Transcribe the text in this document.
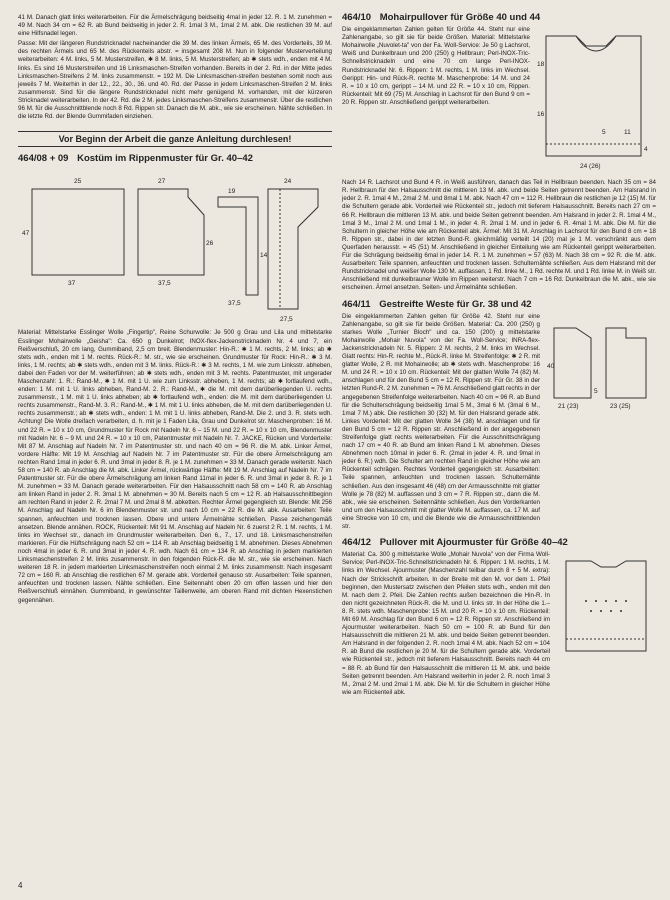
41 M. Danach glatt links weiterarbeiten. Für die Ärmelschrägung beidseitig 4mal in jeder 12. R. 1 M. zunehmen = 49 M. Nach 34 cm = 62 R. ab Bund beidseitig in jeder 2. R. 1mal 3 M., 1mal 2 M. abk. Die restlichen 39 M. auf eine Hilfsnadel legen.

Passe: Mit der längeren Rundstricknadel nacheinander die 39 M. des linken Ärmels, 65 M. des Vorderteils, 39 M. des rechten Ärmels und 65 M. des Rückenteils abstr. = insgesamt 208 M. Nun in folgender Musterverteilung weiterarbeiten: 4 M. links, 5 M. Musterstreifen, ✱ 8 M. links, 5 M. Musterstreifen; ab ✱ stets wdh., enden mit 4 M. links. Es sind 16 Musterstreifen und 16 Linksmaschen-Streifen vorhanden. Bereits in der 2. Rd. in der Mitte jedes Linksmaschen-Streifens 2 M. links zusammenstr. = 192 M. Die Linksmaschen-streifen bestehen somit noch aus jeweils 7 M. Weiterhin in der 12., 22., 30., 36. und 40. Rd. der Passe in jedem Linksmaschen-Streifen 2 M. links zusammenstr. Sind für die längere Rundstricknadel nicht mehr genügend M. vorhanden, mit der kürzeren Stricknadel weiterarbeiten. In der 42. Rd. die 2 M. jedes Linksmaschen-Streifens zusammenstr. Über die restlichen 96 M. für die Ausschnittblende noch 8 Rd. Rippen str. Danach die M. abk., wie sie erscheinen. Nähte schließen. In die letzte Rd. der Blende Gummifaden einziehen.

Vor Beginn der Arbeit die ganze Anleitung durchlesen!
464/08 + 09 Kostüm im Rippenmuster für Gr. 40–42
25
37
47
27
26
37,5
19
14
24
27,5
37,5

Material: Mittelstarke Esslinger Wolle „Fingertip", Reine Schurwolle: Je 500 g Grau und Lila und mittelstarke Esslinger Mohairwolle „Geisha": Ca. 650 g Dunkelrot; INOX-flex-Jackenstricknadeln Nr. 4 und 7, ein Reißverschluß, 20 cm lang, Gummiband, 2,5 cm breit. Blendenmuster: Hin-R.: ✱ 1 M. rechts, 2 M. links; ab ✱ stets wdh., enden mit 1 M. rechts. Rück-R.: M. str., wie sie erscheinen. Grundmuster für Rock: Hin-R.: ✱ 3 M. links, 1 M. rechts; ab ✱ stets wdh., enden mit 3 M. links. Rück-R.: ✱ 3 M. rechts, 1 M. wie zum Linksstr. abheben, dabei den Faden vor der M. weiterführen; ab ✱ stets wdh., enden mit 3 M. rechts. Patentmuster, mit ungerader Maschenzahl: 1. R.: Rand-M., ✱ 1 M. mit 1 U. wie zum Linksstr. abheben, 1 M. rechts; ab ✱ fortlaufend wdh., enden: 1 M. mit 1 U. links abheben, Rand-M. 2. R.: Rand-M., ✱ die M. mit dem darüberliegenden U. rechts zusammenstr., 1 M. mit 1 U. links abheben; ab ✱ fortlaufend wdh., enden: die M. mit dem darüberliegenden U. rechts zusammenstr., Rand-M. 3. R.: Rand-M., ✱ 1 M. mit 1 U. links abheben, die M. mit dem darüberliegenden U. rechts zusammenstr.; ab ✱ stets wdh., enden: 1 M. mit 1 U. links abheben, Rand-M. Die 2. und 3. R. stets wdh. Achtung! Die Wolle dreifach verarbeiten, d. h. mit je 1 Faden Lila, Grau und Dunkelrot str. Maschenproben: 16 M. und 22 R. = 10 x 10 cm, Grundmuster für Rock mit Nadeln Nr. 6 – 15 M. und 22 R. = 10 x 10 cm, Blendenmuster mit Nadeln Nr. 6 – 9 M. und 24 R. = 10 x 10 cm, Patentmuster mit Nadeln Nr. 7. JACKE, Rücken und Vorderteile: Mit 87 M. Anschlag auf Nadeln Nr. 7 im Patentmuster str. und nach 40 cm = 96 R. die M. abk. Linker Ärmel, vordere Hälfte: Mit 19 M. Anschlag auf Nadeln Nr. 7 im Patentmuster str. Für die obere Ärmelschrägung am rechten Rand 1mal in jeder 6. R. und 3mal in jeder 8. R. je 1 M. zunehmen = 33 M. Danach gerade weiterstr. Nach 58 cm = 140 R. ab Anschlag die M. abk. Linker Ärmel, rückwärtige Hälfte: Mit 19 M. Anschlag auf Nadeln Nr. 7 im Patentmuster str. Für die obere Ärmelschrägung am linken Rand 11mal in jeder 6. R. und 3mal in jeder 8. R. je 1 M. zunehmen = 33 M. Danach gerade weiterarbeiten. Für den Halsausschnitt nach 58 cm = 140 R. ab Anschlag am linken Rand in jeder 2. R. 3mal 1 M. abnehmen = 30 M. Bereits nach 5 cm = 12 R. ab Halsausschnittbeginn am rechten Rand in jeder 2. R. 2mal 7 M. und 2mal 8 M. abketten. Rechter Ärmel gegengleich str. Blende: Mit 256 M. Anschlag auf Nadeln Nr. 6 im Blendenmuster str. und nach 10 cm = 22 R. die M. abk. Ausarbeiten: Teile spannen, anfeuchten und trocknen lassen. Obere und untere Ärmelnähte schließen. Passe zeichengemäß ansetzen. Blende annähen. ROCK, Rückenteil: Mit 91 M. Anschlag auf Nadeln Nr. 6 zuerst 2 R. 1 M. rechts, 1 M. links im Wechsel str., danach im Grundmuster weiterarbeiten. Den 6., 7., 17. und 18. Linksmaschenstreifen markieren. Für die Hüftschrägung nach 52 cm = 114 R. ab Anschlag beidseitig 1 M. abnehmen. Dieses Abnehmen noch 4mal in jeder 6. R. und 3mal in jeder 4. R. wdh. Nach 61 cm = 134 R. ab Anschlag in jedem markierten Linksmaschenstreifen 2 M. links zusammenstr. In den folgenden Rück-R. die M. str., wie sie erscheinen. Nach weiteren 18 R. in jedem markierten Linksmaschenstreifen noch einmal 2 M. links zusammenstr. Nach insgesamt 72 cm = 160 R. ab Anschlag die restlichen 67 M. gerade abk. Vorderteil genauso str. Ausarbeiten: Teile spannen, anfeuchten und trocknen lassen. Nähte schließen. Eine Seitennaht oben 20 cm offen lassen und hier den Reißverschluß einnähen. Gummiband, in gewünschter Taillenweite, am oberen Rand mit dichten Hexenstichen gegennähen.

464/10 Mohairpullover für Größe 40 und 44

Die eingeklammerten Zahlen gelten für Größe 44. Steht nur eine Zahlenangabe, so gilt sie für beide Größen. Material: Mittelstarke Mohairwolle „Nuvolet-ta" von der Fa. Woll-Service: Je 50 g Lachsrot, Weiß und Dunkelbraun und 200 (250) g Hellbraun; Perl-INOX-Tric-Schnellstricknadeln und eine 70 cm lange Perl-INOX-Rundstricknadel Nr. 6. Rippen: 1 M. rechts, 1 M. links im Wechsel. Gerippt: Hin- und Rück-R. rechte M. Maschenprobe: 14 M. und 24 R. = 10 x 10 cm, gerippt – 14 M. und 22 R. = 10 x 10 cm, Rippen. Rückenteil: Mit 69 (75) M. Anschlag in Lachsrot für den Bund 9 cm = 20 R. Rippen str. Anschließend gerippt weiterarbeiten.

18
16
24 (26)
4
5	11

Nach 14 R. Lachsrot und Bund 4 R. in Weiß ausführen, danach das Teil in Hellbraun beenden. Nach 35 cm = 84 R. Hellbraun für den Halsausschnitt die mittleren 13 M. abk. und beide Seiten getrennt beenden. Am Halsrand in jeder 2. R. 1mal 4 M., 2mal 2 M. und 8mal 1 M. abk. Nach 47 cm = 112 R. Hellbraun die restlichen je 12 (15) M. für die Schultern gerade abk. Vorderteil wie Rückenteil str., jedoch mit tieferem Halsausschnitt. Bereits nach 27 cm = 66 R. Hellbraun die mittleren 13 M. abk. und beide Seiten getrennt beenden. Am Halsrand in jeder 2. R. 1mal 4 M., 1mal 3 M., 1mal 2 M. und 1mal 1 M., in jeder 4. R. 2mal 1 M. und in jeder 6. R. 4mal 1 M. abk. Die M. für die Schultern in gleicher Höhe wie am Rückenteil abk. Ärmel: Mit 31 M. Anschlag in Lachsrot für den Bund 8 cm = 18 R. Rippen str., dabei in der letzten Bund-R. gleichmäßig verteilt 14 (20) mal je 1 M. verschränkt aus dem Querfaden herausstr. = 45 (51) M. Anschließend in gleicher Einteilung wie am Rückenteil gerippt weiterarbeiten. Für die Schrägung beidseitig 6mal in jeder 14. R. 1 M. zunehmen = 57 (63) M. Nach 38 cm = 92 R. die M. abk. Ausarbeiten: Teile spannen, anfeuchten und trocknen lassen. Schulternähte schließen. Aus dem Halsrand mit der Rundstricknadel und weißer Wolle 130 M. auffassen, 1 Rd. linke M., 1 Rd. rechte M. und 1 Rd. linke M. in Weiß str. Anschließend mit dunkelbrauner Wolle im Rippen weiterstr. Nach 7 cm = 16 Rd. Dunkelbraun die M. abk., wie sie erscheinen. Ärmel ansetzen. Seiten- und Ärmelnähte schließen.

464/11 Gestreifte Weste für Gr. 38 und 42

Die eingeklammerten Zahlen gelten für Größe 42. Steht nur eine Zahlenangabe, so gilt sie für beide Größen. Material: Ca. 200 (250) g starkes Wolle „Turnier Bloch" und ca. 150 (200) g mittelstarke Mohairwolle „Mohair Nuvola" von der Fa. Woll-Service; INRA-flex-Jackenstricknadeln Nr. 5. Rippen: 2 M. rechts, 2 M. links im Wechsel. Glatt rechts: Hin-R. rechte M., Rück-R. linke M. Streifenfolge: ✱ 2 R. mit glatter Wolle, 2 R. mit Mohairwolle; ab ✱ stets wdh. Maschenprobe: 16 M. und 24 R. = 10 x 10 cm. Rückenteil: Mit der glatten Wolle 74 (82) M. anschlagen und für den Bund 5 cm = 12 R. Rippen str. Für Gr. 38 in der letzten Rund-R. 2 M. zunehmen = 76 M. Anschließend glatt rechts in der angegebenen Streifenfolge weiterarbeiten. Nach 40 cm = 96 R. ab Bund für die Schulterschrägung beidseitig 1mal 5 M., 3mal 6 M. (3mal 6 M., 1mal 7 M.) abk. Die restlichen 30 (32) M. für den Halsrand gerade abk. Linkes Vorderteil: Mit der glatten Wolle 34 (38) M. anschlagen und für den Bund 5 cm = 12 R. Rippen str. Anschließend in der angegebenen Streifenfolge glatt rechts weiterarbeiten. Für die Ausschnittschrägung nach 17 cm = 40 R. ab Bund am linken Rand 1 M. abnehmen. Dieses Abnehmen noch 10mal in jeder 6. R. (2mal in jeder 4. R. und 9mal in jeder 6. R.) wdh. Die Schulter am rechten Rand in gleicher Höhe wie am Rückenteil schrägen. Rechtes Vorderteil gegengleich str. Ausarbeiten: Teile spannen, anfeuchten und trocknen lassen. Schulternähte schließen. Aus den insgesamt 46 (48) cm der Armausschnitte mit glatter Wolle je 78 (82) M. auffassen und 3 cm = 7 R. Rippen str., dann die M. abk., wie sie erscheinen. Seitennähte schließen. Aus den Vorderkanten und um den Halsausschnitt mit glatter Wolle M. auffassen, ca. 17 M. auf eine Strecke von 10 cm, und die Blende wie die Armausschnittblenden str.

40
5
21 (23)	23 (25)
464/12 Pullover mit Ajourmuster für Größe 40–42

Material: Ca. 300 g mittelstarke Wolle „Mohair Nuvola" von der Firma Woll-Service; Perl-INOX-Tric-Schnellstricknadeln Nr. 6. Rippen: 1 M. rechts, 1 M. links im Wechsel. Ajourmuster (Maschenzahl teilbar durch 8 + 5 M. extra): Nach der Strickschrift arbeiten. In der Breite mit den M. vor dem 1. Pfeil beginnen, den Mustersatz zwischen den Pfeilen stets wdh., enden mit den M. nach dem 2. Pfeil. Die Zahlen rechts außen bezeichnen die Hin-R. In den nicht gezeichneten Rück-R. die M. und U. links str. In der Höhe die 1.–8. R. stets wdh. Maschenprobe: 15 M. und 20 R. = 10 x 10 cm. Rückenteil: Mit 69 M. Anschlag für den Bund 6 cm = 12 R. Rippen str. Anschließend im Ajourmuster weiterarbeiten. Nach 50 cm = 100 R. ab Bund für den Halsausschnitt die mittleren 21 M. abk. und beide Seiten getrennt beenden. Am Halsrand in der folgenden 2. R. noch 1mal 4 M. abk. Nach 52 cm = 104 R. ab Bund die restlichen je 20 M. für die Schultern gerade abk. Vorderteil wie Rückenteil str., jedoch mit tieferem Halsausschnitt. Bereits nach 44 cm = 88 R. ab Bund für den Halsausschnitt die mittleren 11 M. abk. und beide Seiten getrennt beenden. Am Halsrand weiterhin in jeder 2. R. noch 1mal 3 M., 2mal 2 M. und 2mal 1 M. abk. Die M. für die Schultern in gleicher Höhe wie am Rückenteil abk.

4
